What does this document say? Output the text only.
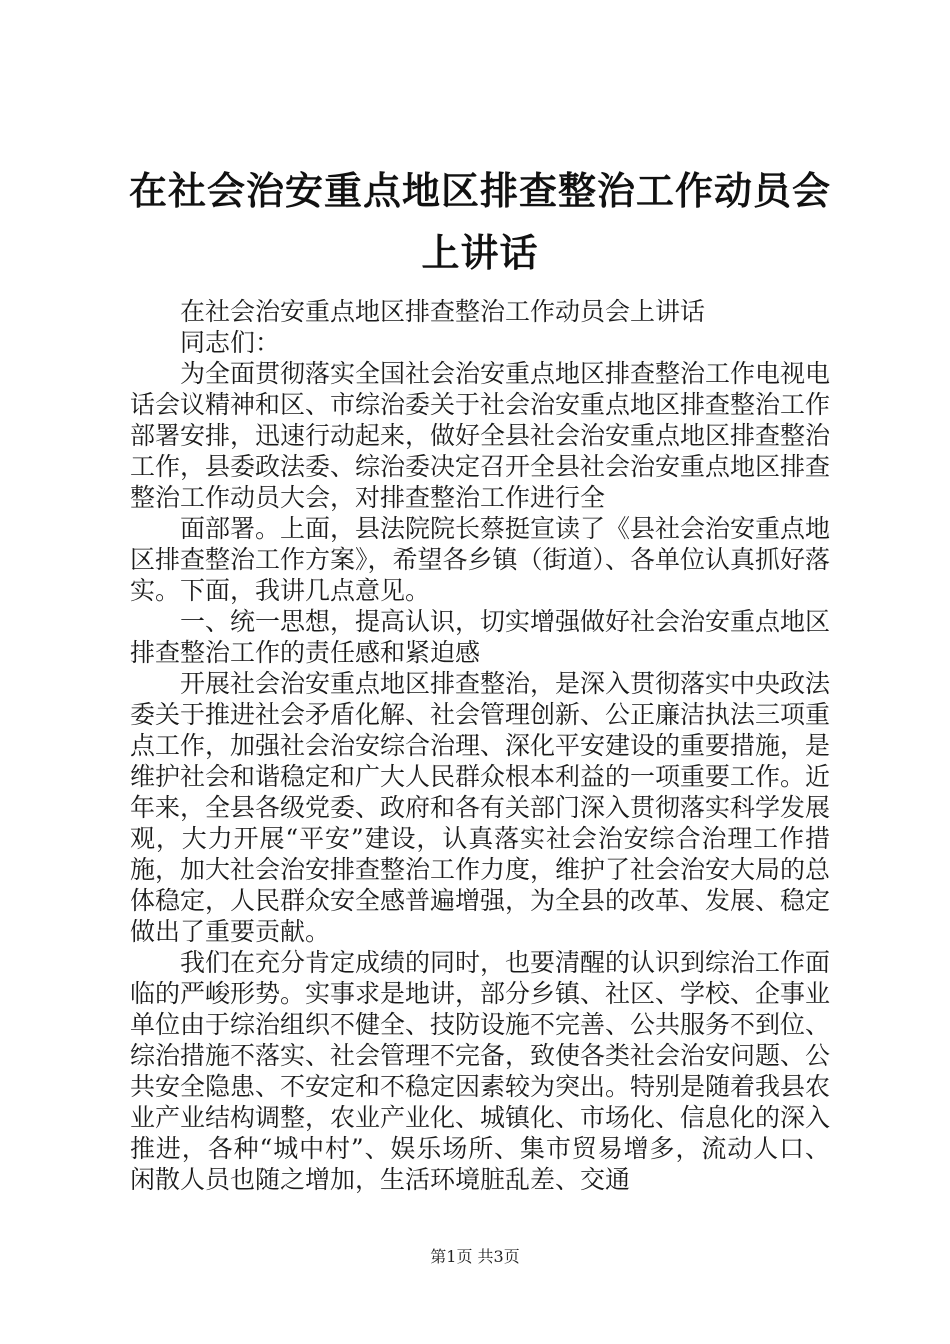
在社会治安重点地区排查整治工作动员会上讲话

在社会治安重点地区排查整治工作动员会上讲话

同志们：

为全面贯彻落实全国社会治安重点地区排查整治工作电视电话会议精神和区、市综治委关于社会治安重点地区排查整治工作部署安排，迅速行动起来，做好全县社会治安重点地区排查整治工作，县委政法委、综治委决定召开全县社会治安重点地区排查整治工作动员大会，对排查整治工作进行全

面部署。上面，县法院院长蔡挺宣读了《县社会治安重点地区排查整治工作方案》，希望各乡镇（街道）、各单位认真抓好落实。下面，我讲几点意见。

一、统一思想，提高认识，切实增强做好社会治安重点地区排查整治工作的责任感和紧迫感

开展社会治安重点地区排查整治，是深入贯彻落实中央政法委关于推进社会矛盾化解、社会管理创新、公正廉洁执法三项重点工作，加强社会治安综合治理、深化平安建设的重要措施，是维护社会和谐稳定和广大人民群众根本利益的一项重要工作。近年来，全县各级党委、政府和各有关部门深入贯彻落实科学发展观，大力开展“平安”建设，认真落实社会治安综合治理工作措施，加大社会治安排查整治工作力度，维护了社会治安大局的总体稳定，人民群众安全感普遍增强，为全县的改革、发展、稳定做出了重要贡献。

我们在充分肯定成绩的同时，也要清醒的认识到综治工作面临的严峻形势。实事求是地讲，部分乡镇、社区、学校、企事业单位由于综治组织不健全、技防设施不完善、公共服务不到位、综治措施不落实、社会管理不完备，致使各类社会治安问题、公共安全隐患、不安定和不稳定因素较为突出。特别是随着我县农业产业结构调整，农业产业化、城镇化、市场化、信息化的深入推进，各种“城中村”、娱乐场所、集市贸易增多，流动人口、闲散人员也随之增加，生活环境脏乱差、交通

第1页 共3页
